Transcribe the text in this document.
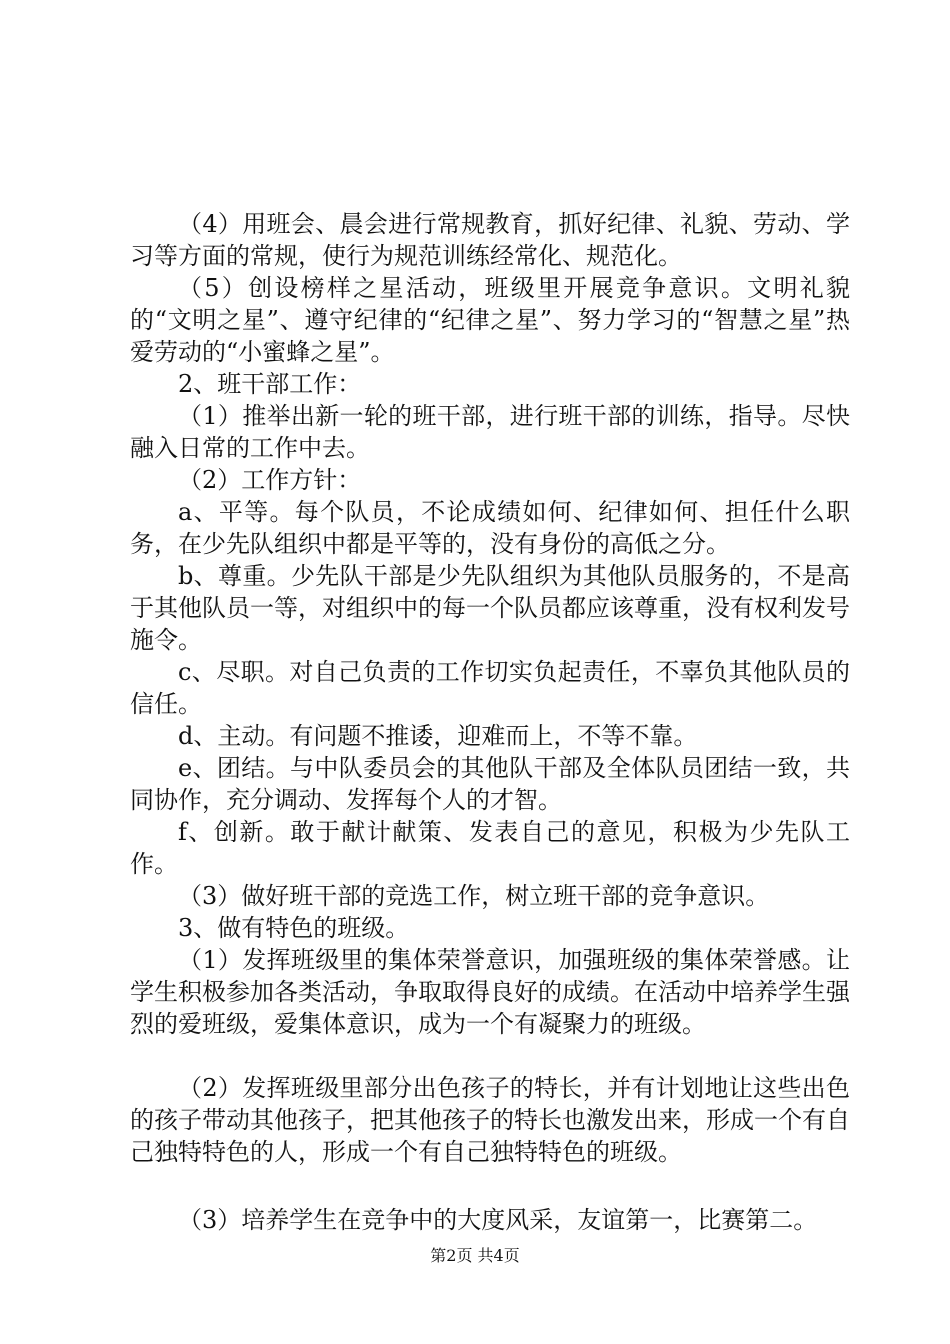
（4）用班会、晨会进行常规教育，抓好纪律、礼貌、劳动、学习等方面的常规，使行为规范训练经常化、规范化。

（5）创设榜样之星活动，班级里开展竞争意识。文明礼貌的“文明之星”、遵守纪律的“纪律之星”、努力学习的“智慧之星”热爱劳动的“小蜜蜂之星”。

2、班干部工作：

（1）推举出新一轮的班干部，进行班干部的训练，指导。尽快融入日常的工作中去。

（2）工作方针：

a、平等。每个队员，不论成绩如何、纪律如何、担任什么职务，在少先队组织中都是平等的，没有身份的高低之分。

b、尊重。少先队干部是少先队组织为其他队员服务的，不是高于其他队员一等，对组织中的每一个队员都应该尊重，没有权利发号施令。

c、尽职。对自己负责的工作切实负起责任，不辜负其他队员的信任。

d、主动。有问题不推诿，迎难而上，不等不靠。

e、团结。与中队委员会的其他队干部及全体队员团结一致，共同协作，充分调动、发挥每个人的才智。

f、创新。敢于献计献策、发表自己的意见，积极为少先队工作。

（3）做好班干部的竞选工作，树立班干部的竞争意识。

3、做有特色的班级。

（1）发挥班级里的集体荣誉意识，加强班级的集体荣誉感。让学生积极参加各类活动，争取取得良好的成绩。在活动中培养学生强烈的爱班级，爱集体意识，成为一个有凝聚力的班级。

（2）发挥班级里部分出色孩子的特长，并有计划地让这些出色的孩子带动其他孩子，把其他孩子的特长也激发出来，形成一个有自己独特特色的人，形成一个有自己独特特色的班级。

（3）培养学生在竞争中的大度风采，友谊第一，比赛第二。

第2页 共4页
